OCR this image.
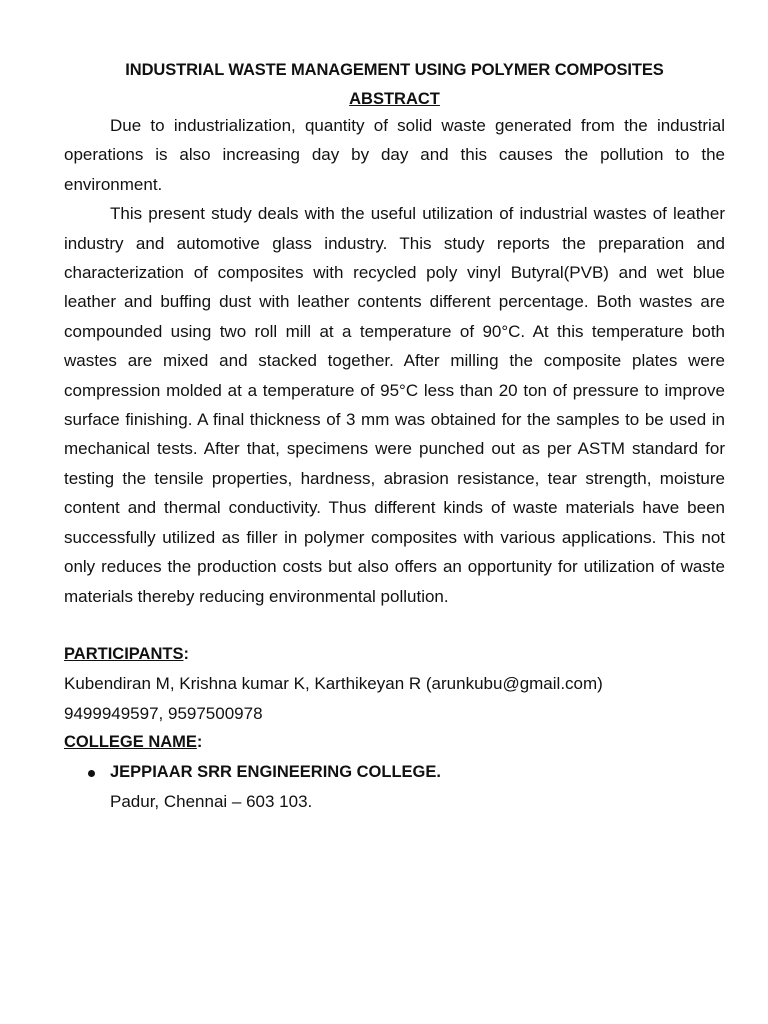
INDUSTRIAL WASTE MANAGEMENT USING POLYMER COMPOSITES
ABSTRACT

Due to industrialization, quantity of solid waste generated from the industrial operations is also increasing day by day and this causes the pollution to the environment.

This present study deals with the useful utilization of industrial wastes of leather industry and automotive glass industry. This study reports the preparation and characterization of composites with recycled poly vinyl Butyral(PVB) and wet blue leather and buffing dust with leather contents different percentage. Both wastes are compounded using two roll mill at a temperature of 90°C. At this temperature both wastes are mixed and stacked together. After milling the composite plates were compression molded at a temperature of 95°C less than 20 ton of pressure to improve surface finishing. A final thickness of 3 mm was obtained for the samples to be used in mechanical tests. After that, specimens were punched out as per ASTM standard for testing the tensile properties, hardness, abrasion resistance, tear strength, moisture content and thermal conductivity. Thus different kinds of waste materials have been successfully utilized as filler in polymer composites with various applications. This not only reduces the production costs but also offers an opportunity for utilization of waste materials thereby reducing environmental pollution.

PARTICIPANTS:

Kubendiran M, Krishna kumar K, Karthikeyan R (arunkubu@gmail.com)

9499949597, 9597500978

COLLEGE NAME:

JEPPIAAR SRR ENGINEERING COLLEGE.

Padur, Chennai – 603 103.
